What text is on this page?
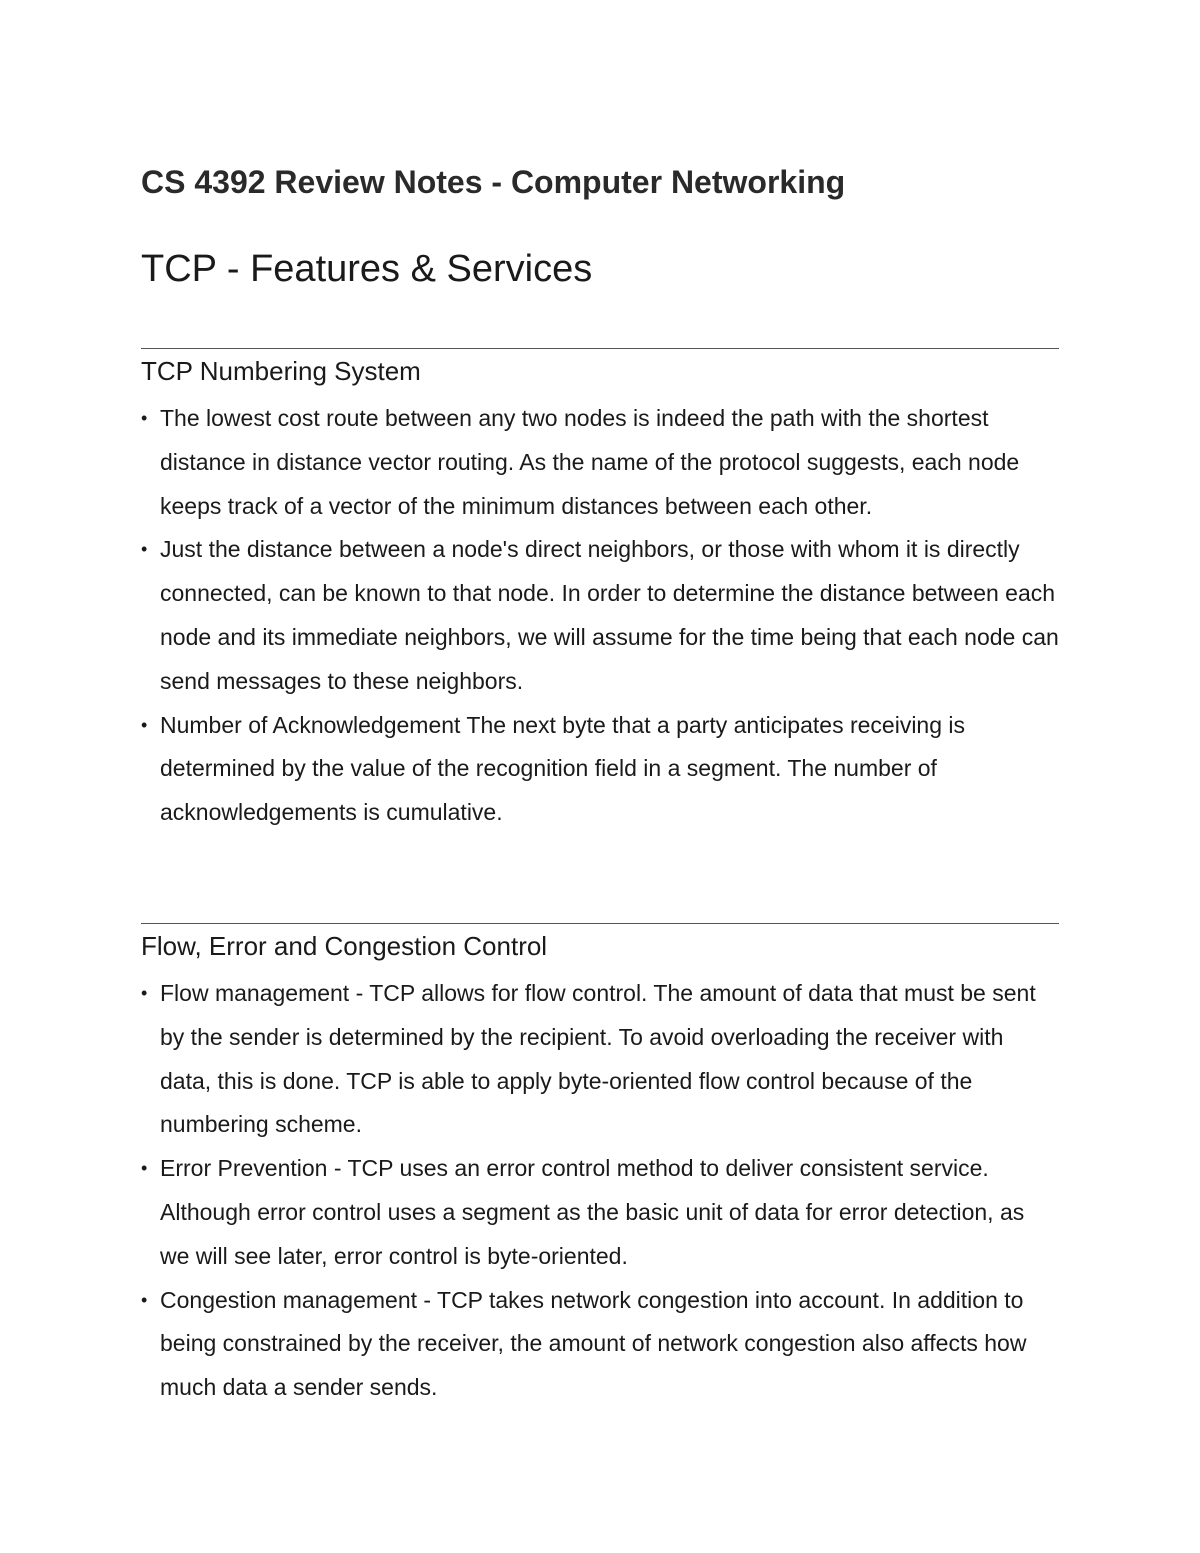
CS 4392 Review Notes - Computer Networking
TCP - Features & Services
TCP Numbering System
• The lowest cost route between any two nodes is indeed the path with the shortest distance in distance vector routing. As the name of the protocol suggests, each node keeps track of a vector of the minimum distances between each other.
• Just the distance between a node's direct neighbors, or those with whom it is directly connected, can be known to that node. In order to determine the distance between each node and its immediate neighbors, we will assume for the time being that each node can send messages to these neighbors.
• Number of Acknowledgement The next byte that a party anticipates receiving is determined by the value of the recognition field in a segment. The number of acknowledgements is cumulative.
Flow, Error and Congestion Control
• Flow management - TCP allows for flow control. The amount of data that must be sent by the sender is determined by the recipient. To avoid overloading the receiver with data, this is done. TCP is able to apply byte-oriented flow control because of the numbering scheme.
• Error Prevention - TCP uses an error control method to deliver consistent service. Although error control uses a segment as the basic unit of data for error detection, as we will see later, error control is byte-oriented.
• Congestion management - TCP takes network congestion into account. In addition to being constrained by the receiver, the amount of network congestion also affects how much data a sender sends.
